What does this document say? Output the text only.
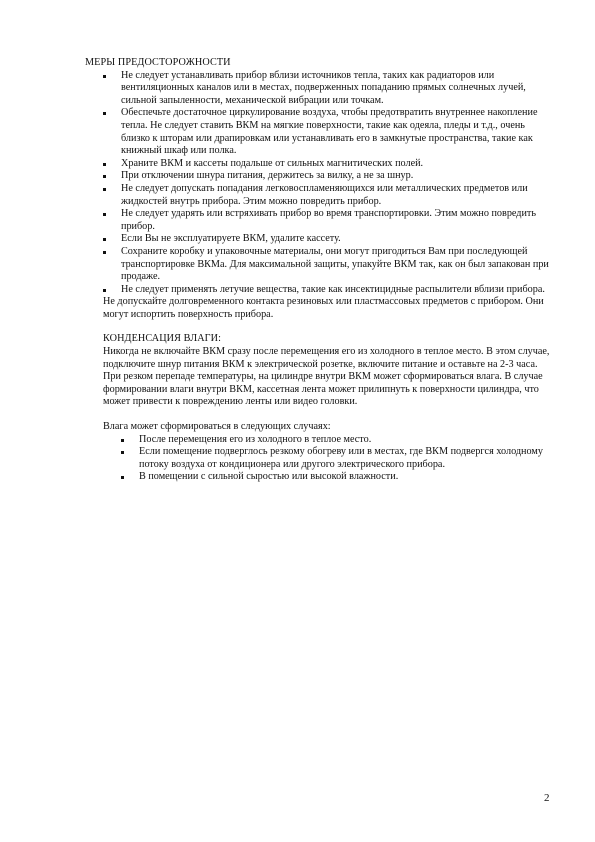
МЕРЫ ПРЕДОСТОРОЖНОСТИ
Не следует устанавливать прибор вблизи источников тепла, таких как радиаторов или вентиляционных каналов или в местах, подверженных попаданию прямых солнечных лучей, сильной запыленности, механической вибрации или точкам.
Обеспечьте достаточное циркулирование воздуха, чтобы предотвратить внутреннее накопление тепла. Не следует ставить ВКМ на мягкие поверхности, такие как одеяла, пледы и т.д., очень близко к шторам или драпировкам или устанавливать его в замкнутые пространства, такие как книжный шкаф или полка.
Храните ВКМ и кассеты подальше от сильных магнитических полей.
При отключении шнура питания, держитесь за вилку, а не за шнур.
Не следует допускать попадания легковоспламеняющихся или металлических предметов или жидкостей внутрь прибора. Этим можно повредить прибор.
Не следует ударять или встряхивать прибор во время транспортировки. Этим можно повредить прибор.
Если Вы не эксплуатируете ВКМ, удалите кассету.
Сохраните коробку и упаковочные материалы, они могут пригодиться Вам при последующей транспортировке ВКМа. Для максимальной защиты, упакуйте ВКМ так, как он был запакован при продаже.
Не следует применять летучие вещества, такие как инсектицидные распылители вблизи прибора.

Не допускайте долговременного контакта резиновых или пластмассовых предметов с прибором. Они могут испортить поверхность прибора.

КОНДЕНСАЦИЯ ВЛАГИ:

Никогда не включайте ВКМ сразу после перемещения его из холодного в теплое место. В этом случае, подключите шнур питания ВКМ к электрической розетке, включите питание и оставьте на 2-3 часа. При резком перепаде температуры, на цилиндре внутри ВКМ может сформироваться влага. В случае формировании влаги внутри ВКМ, кассетная лента может прилипнуть к поверхности цилиндра, что может привести к повреждению ленты или видео головки.

Влага может сформироваться в следующих случаях:

После перемещения его из холодного в теплое место.
Если помещение подверглось резкому обогреву или в местах, где ВКМ подвергся холодному потоку воздуха от кондиционера или другого электрического прибора.
В помещении с сильной сыростью или высокой влажности.
2
